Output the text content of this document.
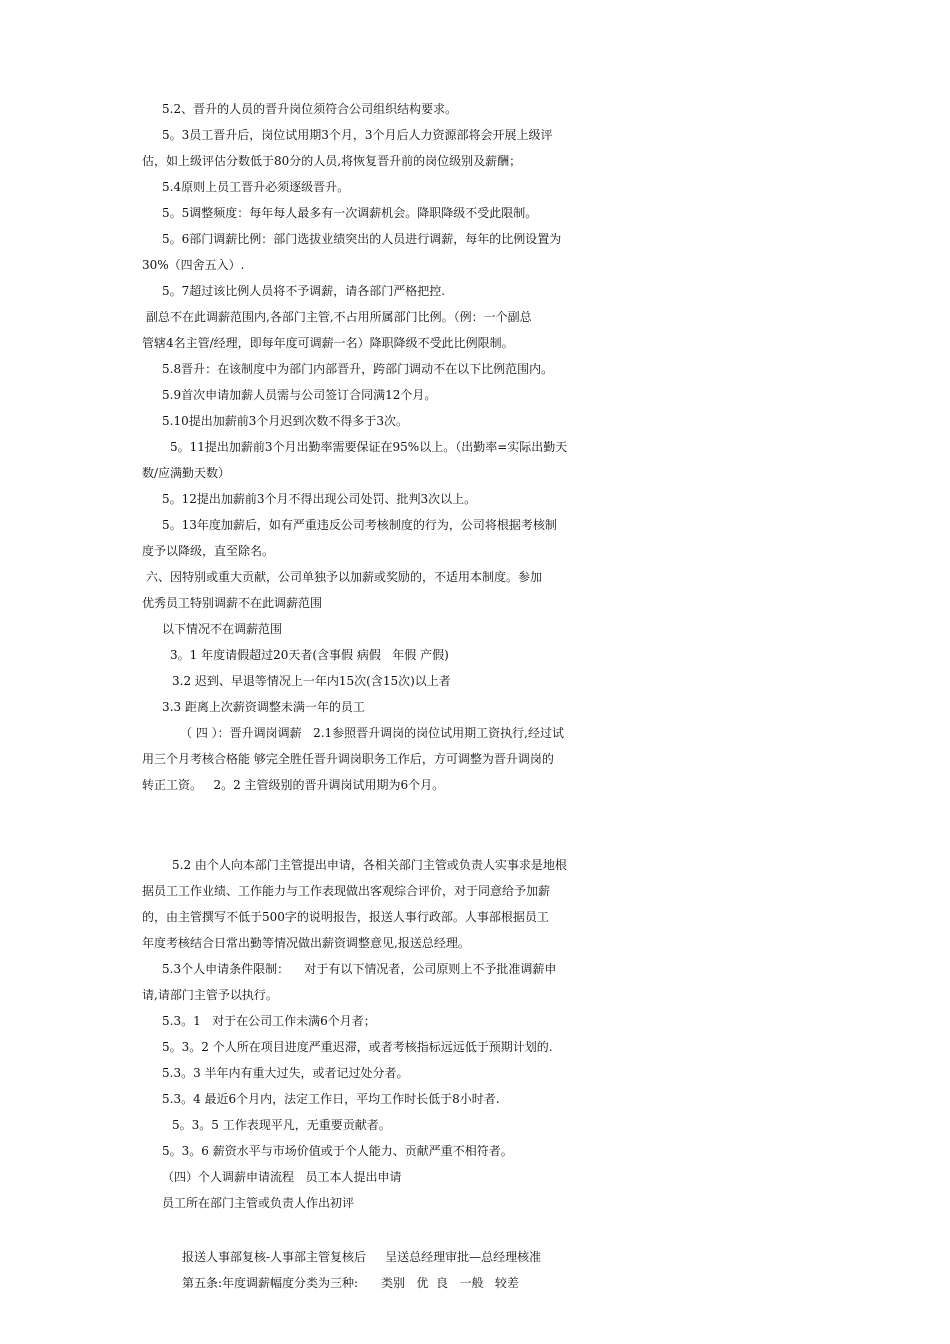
5.2、晋升的人员的晋升岗位须符合公司组织结构要求。

5。3员工晋升后，岗位试用期3个月，3个月后人力资源部将会开展上级评

估，如上级评估分数低于80分的人员,将恢复晋升前的岗位级别及薪酬；

5.4原则上员工晋升必须逐级晋升。

5。5调整频度：每年每人最多有一次调薪机会。降职降级不受此限制。

5。6部门调薪比例：部门选拔业绩突出的人员进行调薪，每年的比例设置为

30%（四舍五入）.

5。7超过该比例人员将不予调薪，请各部门严格把控.

副总不在此调薪范围内,各部门主管,不占用所属部门比例。（例：一个副总

管辖4名主管/经理，即每年度可调薪一名）降职降级不受此比例限制。

5.8晋升：在该制度中为部门内部晋升，跨部门调动不在以下比例范围内。

5.9首次申请加薪人员需与公司签订合同满12个月。

5.10提出加薪前3个月迟到次数不得多于3次。

5。11提出加薪前3个月出勤率需要保证在95%以上。（出勤率=实际出勤天

数/应满勤天数）

5。12提出加薪前3个月不得出现公司处罚、批判3次以上。

5。13年度加薪后，如有严重违反公司考核制度的行为，公司将根据考核制

度予以降级，直至除名。

六、因特别或重大贡献，公司单独予以加薪或奖励的，不适用本制度。参加

优秀员工特别调薪不在此调薪范围

以下情况不在调薪范围

3。1 年度请假超过20天者(含事假 病假   年假 产假)

3.2 迟到、早退等情况上一年内15次(含15次)以上者

3.3 距离上次薪资调整未满一年的员工

（ 四 ）：晋升调岗调薪   2.1参照晋升调岗的岗位试用期工资执行,经过试

用三个月考核合格能 够完全胜任晋升调岗职务工作后，方可调整为晋升调岗的

转正工资。   2。2 主管级别的晋升调岗试用期为6个月。

5.2 由个人向本部门主管提出申请，各相关部门主管或负责人实事求是地根

据员工工作业绩、工作能力与工作表现做出客观综合评价，对于同意给予加薪

的，由主管撰写不低于500字的说明报告，报送人事行政部。人事部根据员工

年度考核结合日常出勤等情况做出薪资调整意见,报送总经理。

5.3个人申请条件限制：    对于有以下情况者，公司原则上不予批准调薪申

请,请部门主管予以执行。

5.3。1   对于在公司工作未满6个月者；

5。3。2 个人所在项目进度严重迟滞，或者考核指标远远低于预期计划的.

5.3。3 半年内有重大过失，或者记过处分者。

5.3。4 最近6个月内，法定工作日，平均工作时长低于8小时者.

5。3。5 工作表现平凡，无重要贡献者。

5。3。6 薪资水平与市场价值或于个人能力、贡献严重不相符者。

（四）个人调薪申请流程   员工本人提出申请

员工所在部门主管或负责人作出初评

报送人事部复核-人事部主管复核后     呈送总经理审批—总经理核准

第五条:年度调薪幅度分类为三种:      类别   优  良   一般   较差
